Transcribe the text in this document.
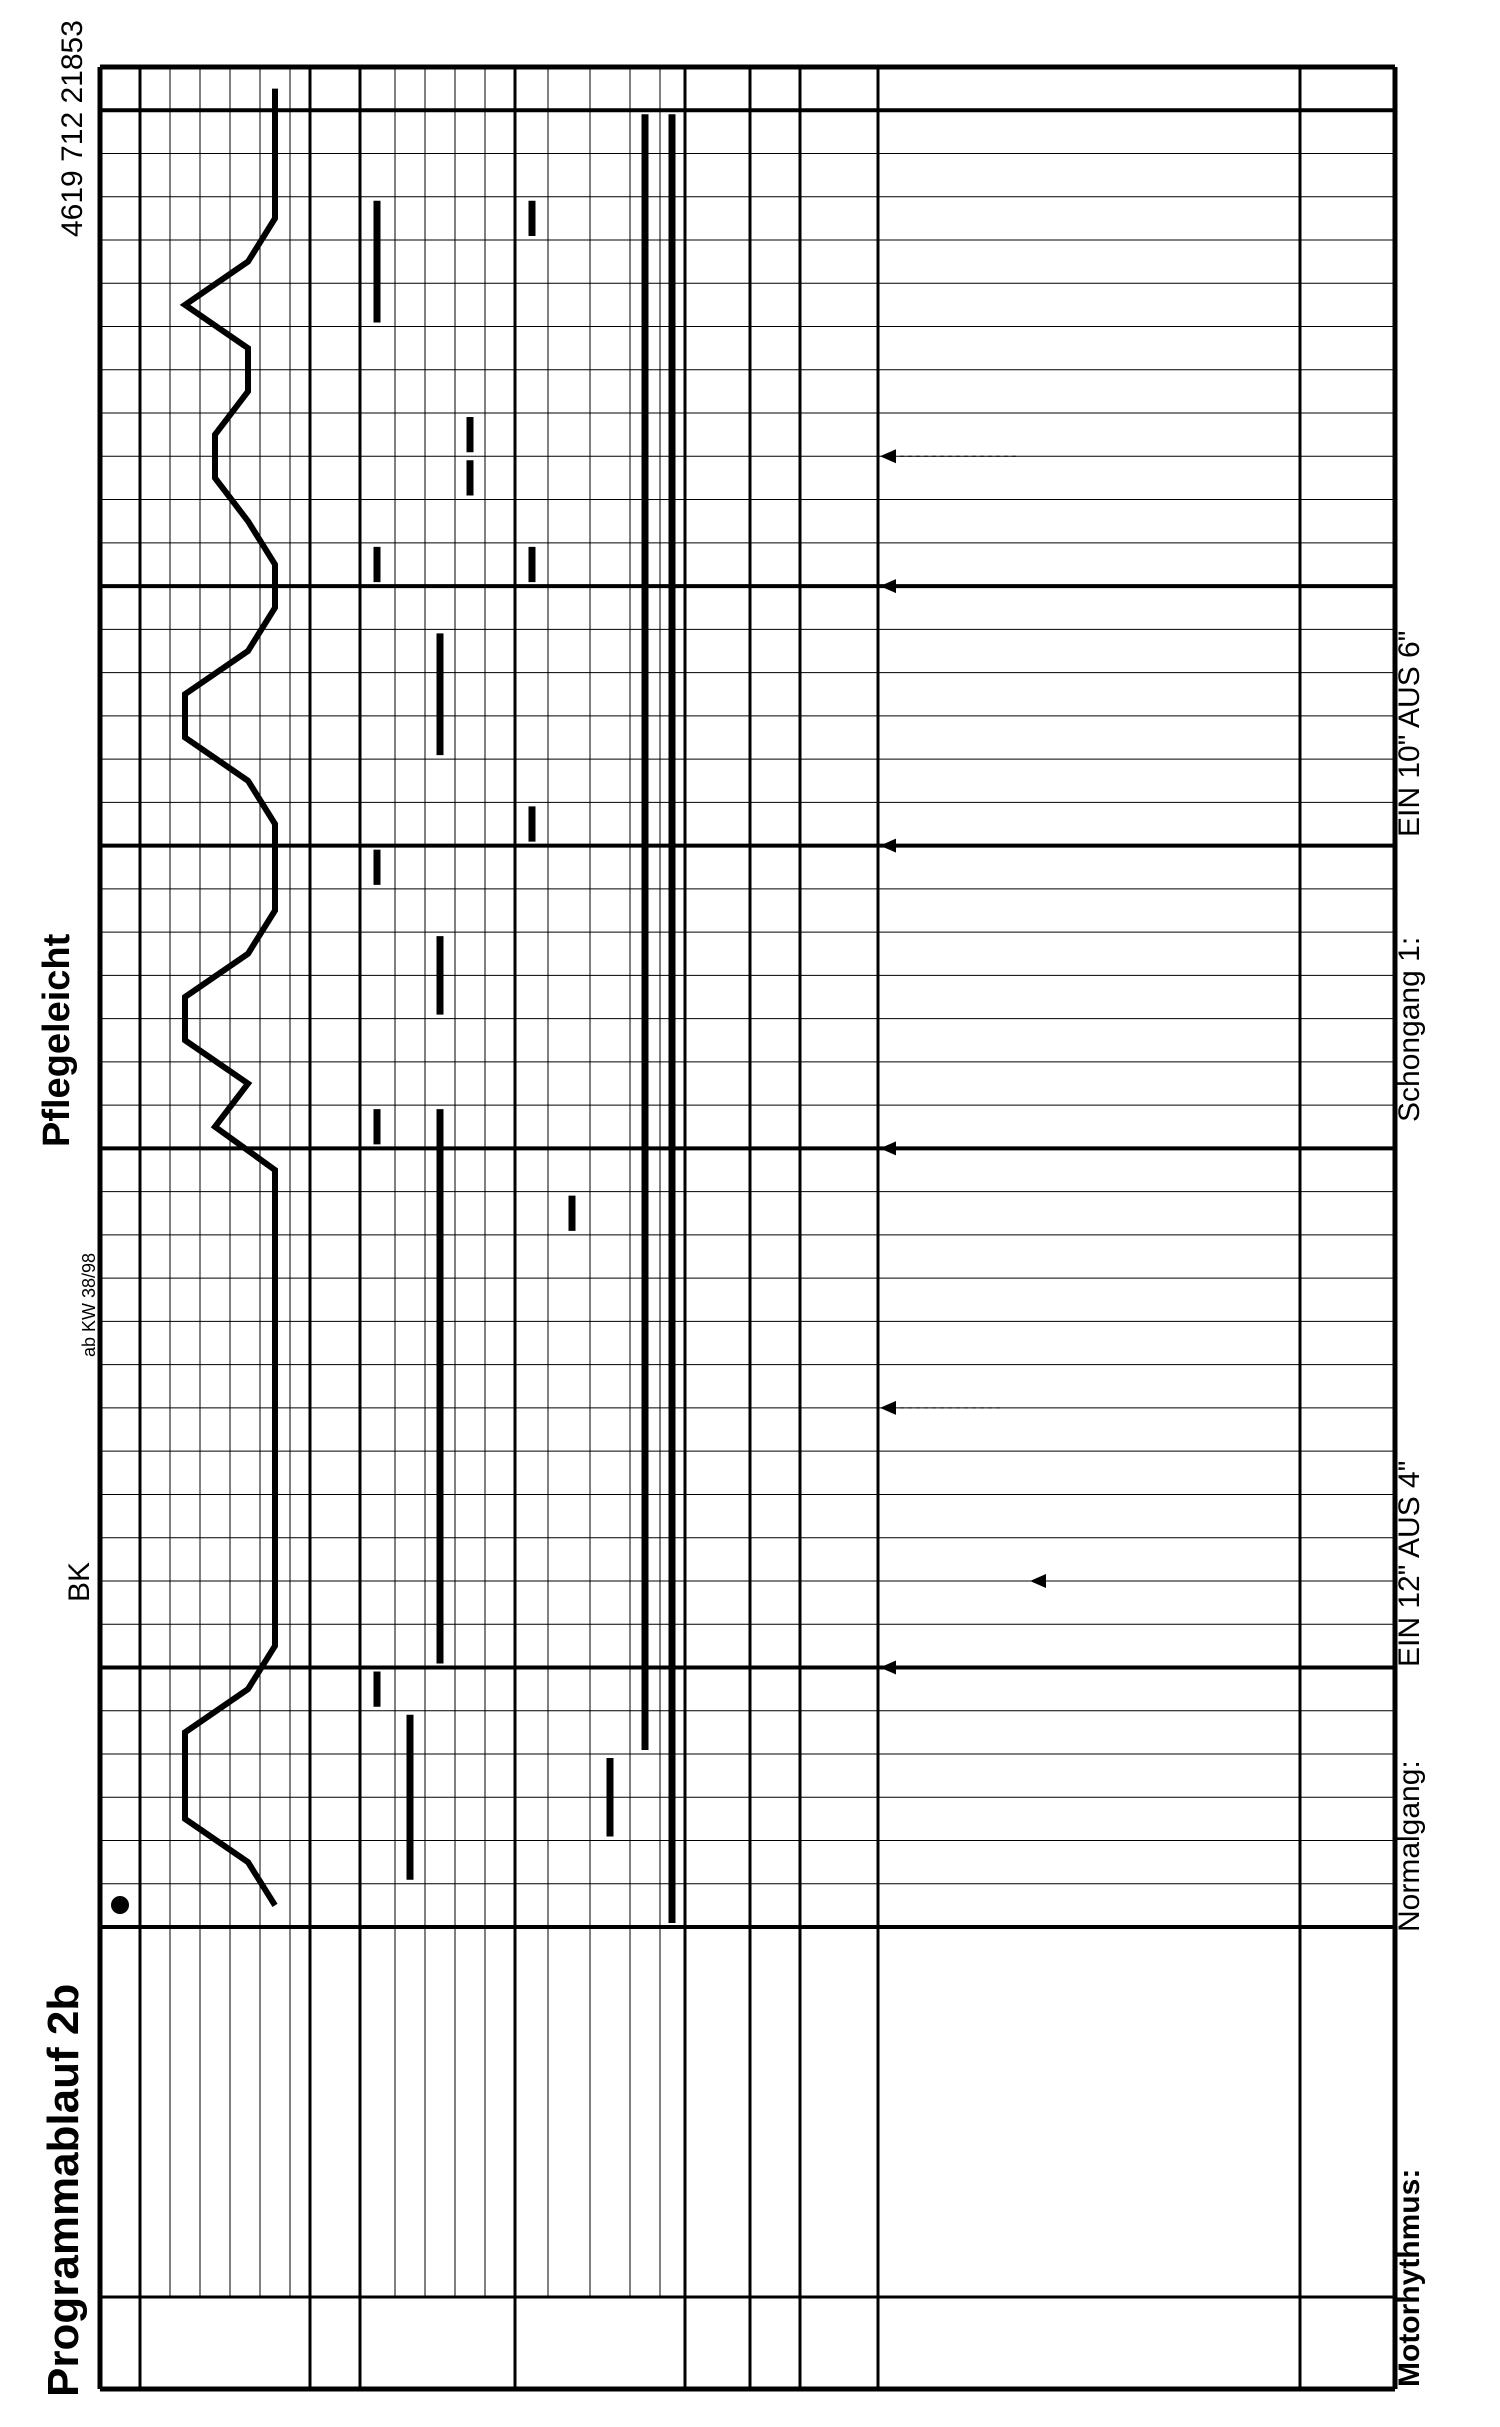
Programmablauf 2b
BK
ab KW 38/98
Pflegeleicht
4619 712 21853
Motorhythmus:
Normalgang:
EIN 12" AUS 4"
Schongang 1:
EIN 10" AUS 6"
